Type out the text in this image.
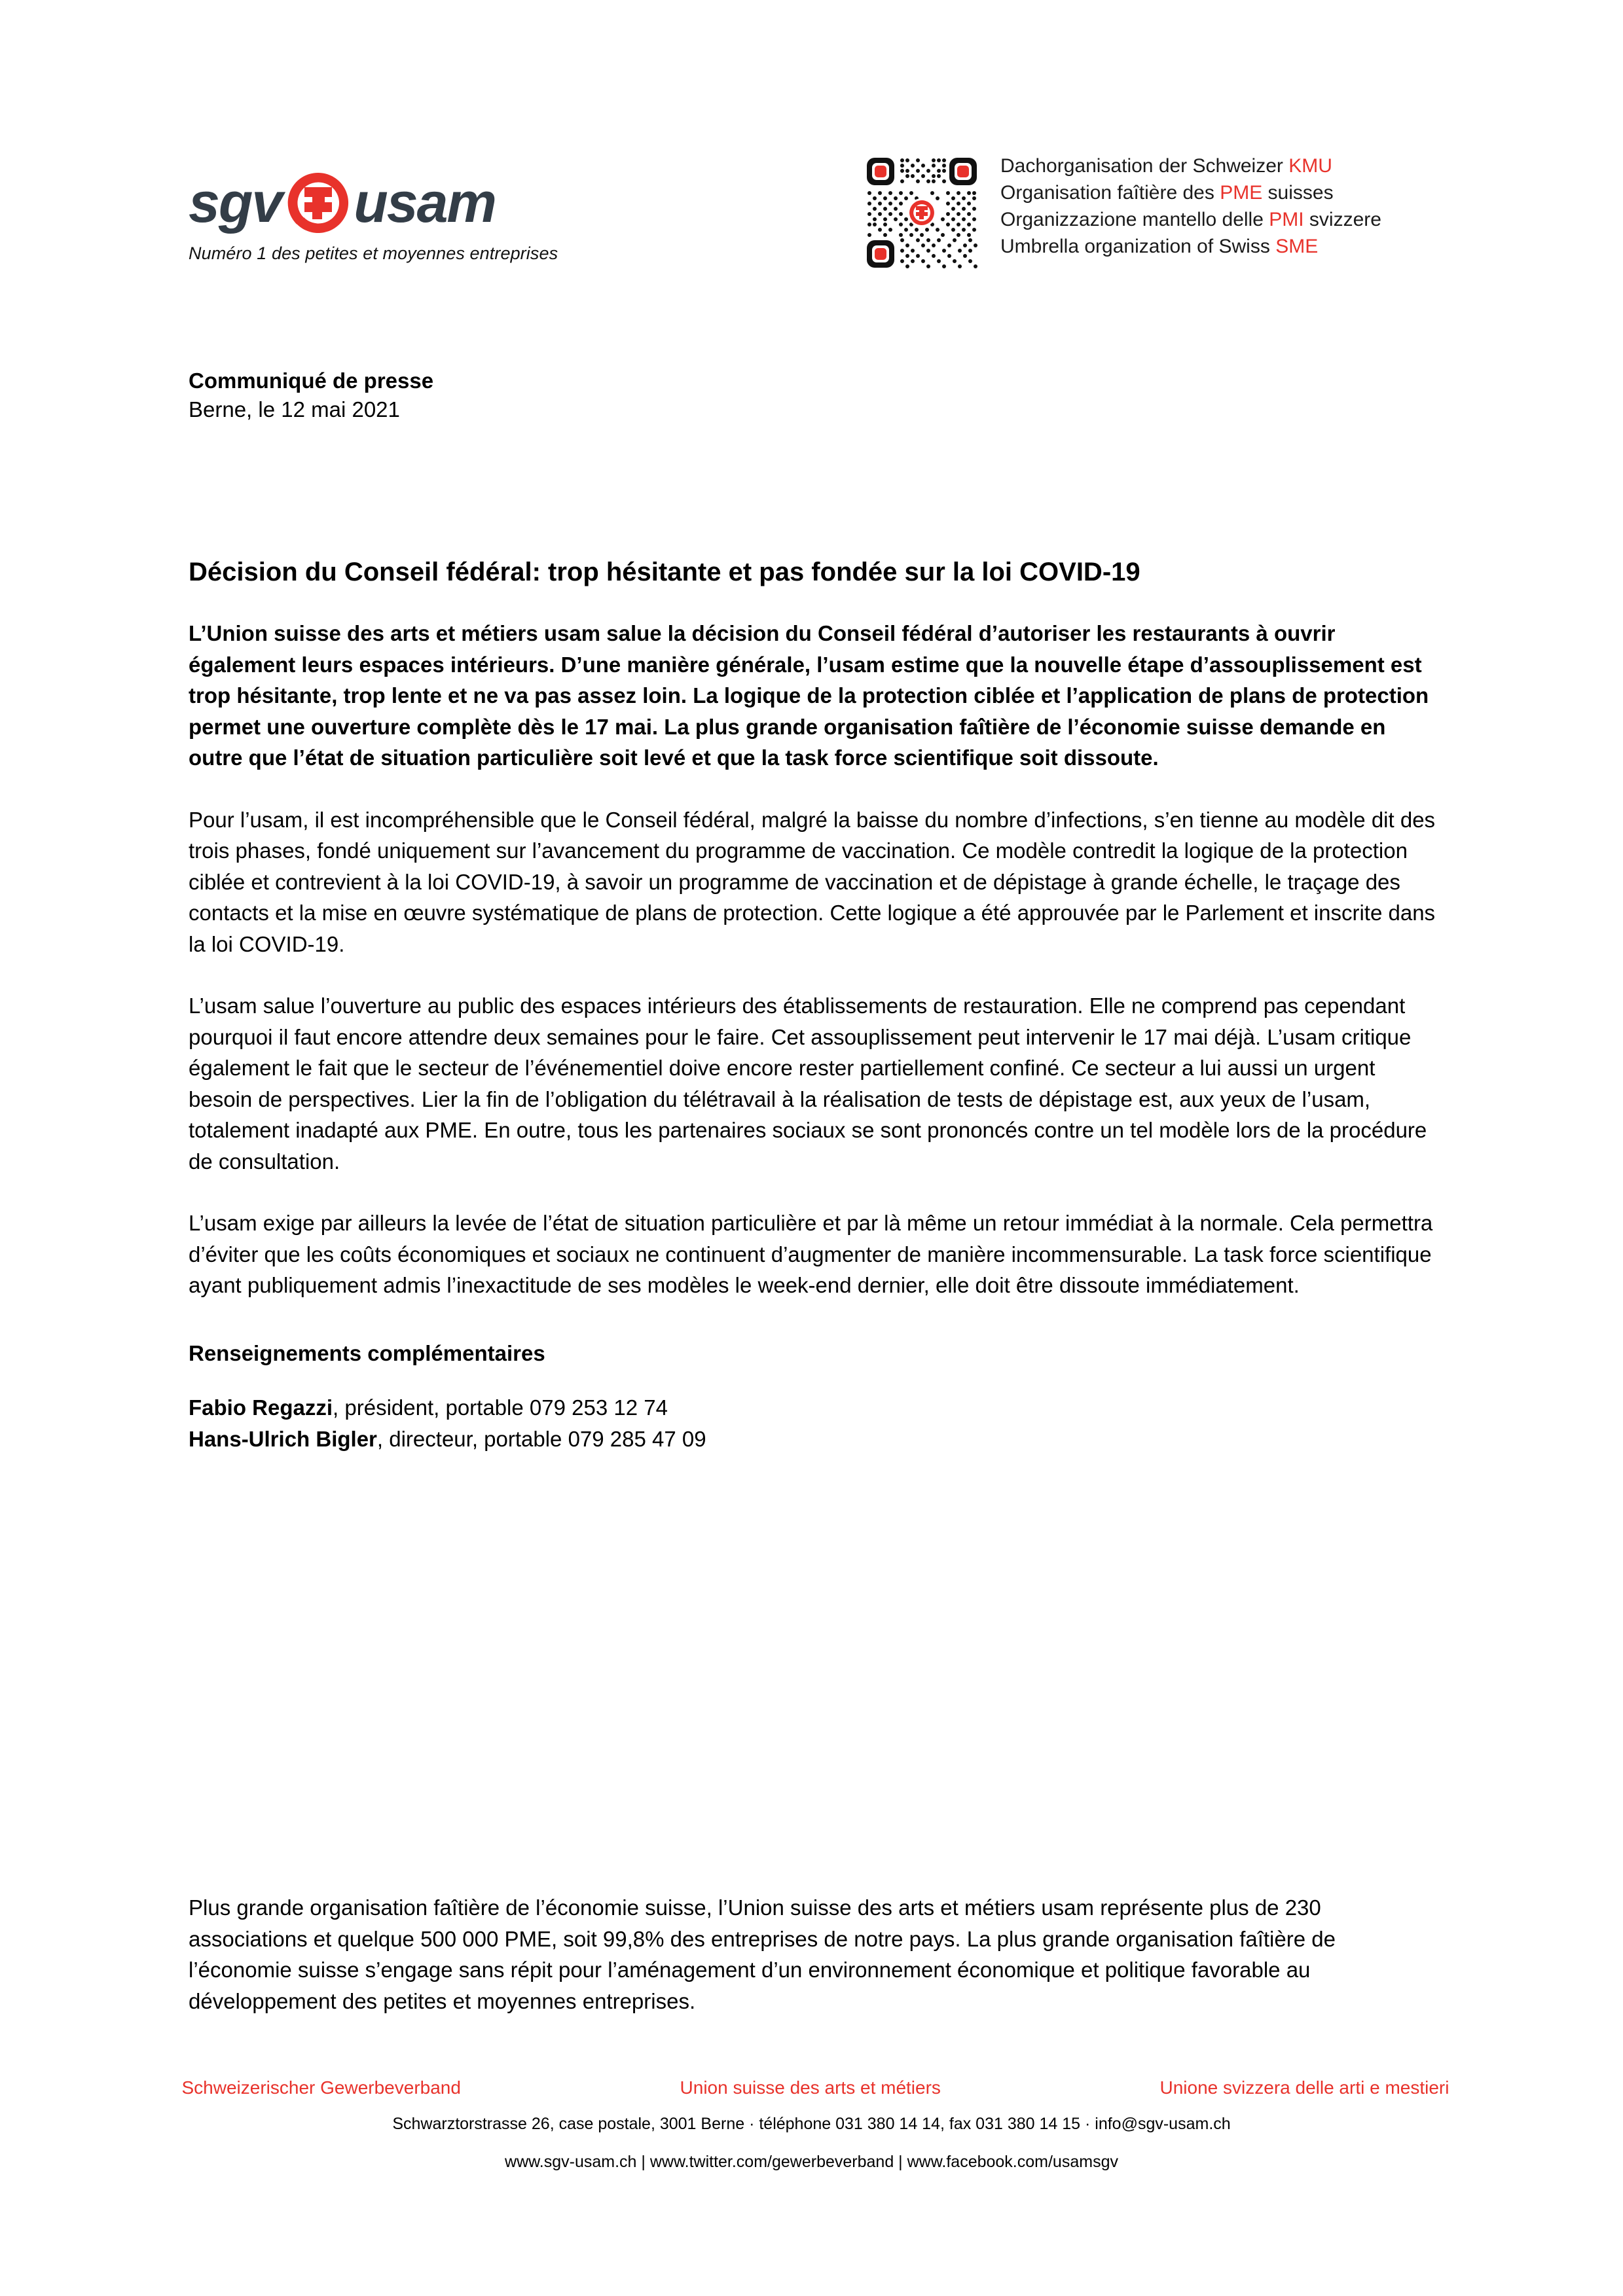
sgv usam
Numéro 1 des petites et moyennes entreprises
Dachorganisation der Schweizer KMU
Organisation faîtière des PME suisses
Organizzazione mantello delle PMI svizzere
Umbrella organization of Swiss SME
Communiqué de presse
Berne, le 12 mai 2021
Décision du Conseil fédéral: trop hésitante et pas fondée sur la loi COVID-19

L’Union suisse des arts et métiers usam salue la décision du Conseil fédéral d’autoriser les restaurants à ouvrir également leurs espaces intérieurs. D’une manière générale, l’usam estime que la nouvelle étape d’assouplissement est trop hésitante, trop lente et ne va pas assez loin. La logique de la protection ciblée et l’application de plans de protection permet une ouverture complète dès le 17 mai. La plus grande organisation faîtière de l’économie suisse demande en outre que l’état de situation particulière soit levé et que la task force scientifique soit dissoute.

Pour l’usam, il est incompréhensible que le Conseil fédéral, malgré la baisse du nombre d’infections, s’en tienne au modèle dit des trois phases, fondé uniquement sur l’avancement du programme de vaccination. Ce modèle contredit la logique de la protection ciblée et contrevient à la loi COVID-19, à savoir un programme de vaccination et de dépistage à grande échelle, le traçage des contacts et la mise en œuvre systématique de plans de protection. Cette logique a été approuvée par le Parlement et inscrite dans la loi COVID-19.

L’usam salue l’ouverture au public des espaces intérieurs des établissements de restauration. Elle ne comprend pas cependant pourquoi il faut encore attendre deux semaines pour le faire. Cet assouplissement peut intervenir le 17 mai déjà. L’usam critique également le fait que le secteur de l’événementiel doive encore rester partiellement confiné. Ce secteur a lui aussi un urgent besoin de perspectives. Lier la fin de l’obligation du télétravail à la réalisation de tests de dépistage est, aux yeux de l’usam, totalement inadapté aux PME. En outre, tous les partenaires sociaux se sont prononcés contre un tel modèle lors de la procédure de consultation.

L’usam exige par ailleurs la levée de l’état de situation particulière et par là même un retour immédiat à la normale. Cela permettra d’éviter que les coûts économiques et sociaux ne continuent d’augmenter de manière incommensurable. La task force scientifique ayant publiquement admis l’inexactitude de ses modèles le week-end dernier, elle doit être dissoute immédiatement.

Renseignements complémentaires
Fabio Regazzi, président, portable 079 253 12 74
Hans-Ulrich Bigler, directeur, portable 079 285 47 09

Plus grande organisation faîtière de l’économie suisse, l’Union suisse des arts et métiers usam représente plus de 230 associations et quelque 500 000 PME, soit 99,8% des entreprises de notre pays. La plus grande organisation faîtière de l’économie suisse s’engage sans répit pour l’aménagement d’un environnement économique et politique favorable au développement des petites et moyennes entreprises.

Schweizerischer Gewerbeverband	Union suisse des arts et métiers	Unione svizzera delle arti e mestieri
Schwarztorstrasse 26, case postale, 3001 Berne · téléphone 031 380 14 14, fax 031 380 14 15 · info@sgv-usam.ch
www.sgv-usam.ch | www.twitter.com/gewerbeverband | www.facebook.com/usamsgv
